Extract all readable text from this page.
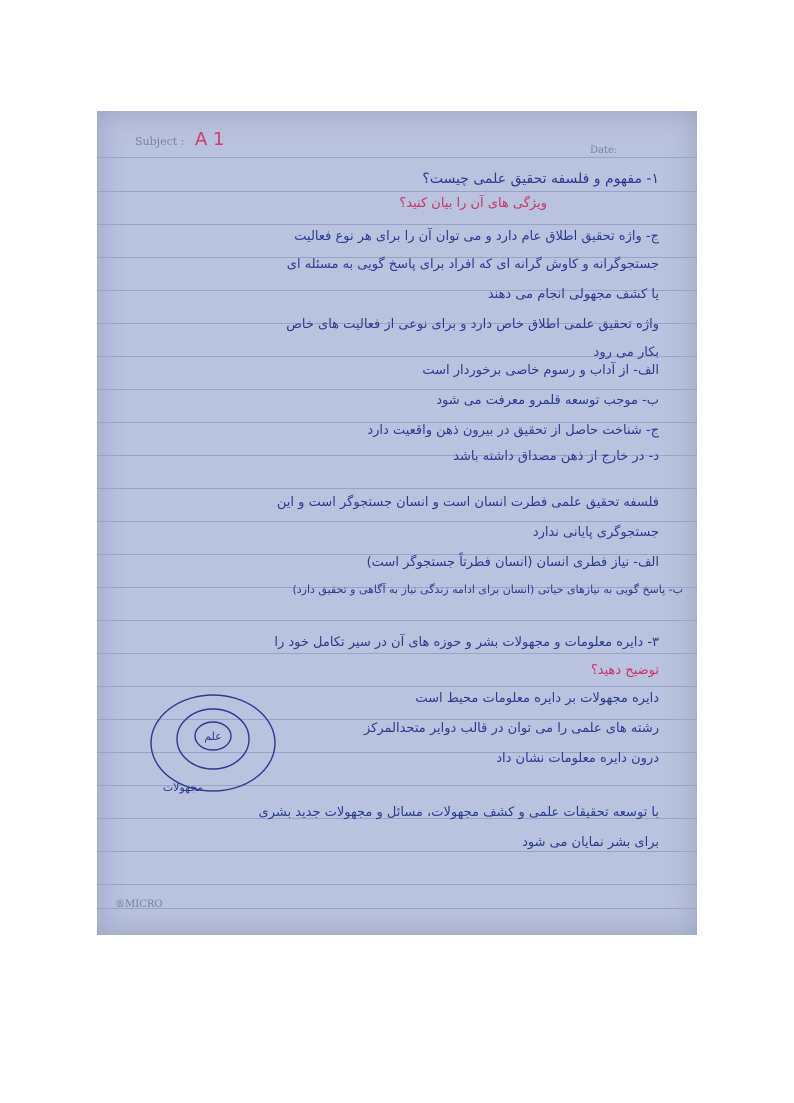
Subject : A 1
Date:
۱- مفهوم و فلسفه تحقیق علمی چیست؟
ویژگی های آن را بیان کنید؟
ج- واژه تحقیق اطلاق عام دارد و می توان آن را برای هر نوع فعالیت
جستجوگرانه و کاوش گرانه ای که افراد برای پاسخ گویی به مسئله ای
یا کشف مجهولی انجام می دهند
واژه تحقیق علمی اطلاق خاص دارد و برای نوعی از فعالیت های خاص
بکار می رود
الف- از آداب و رسوم خاصی برخوردار است
ب- موجب توسعه قلمرو معرفت می شود
ج- شناخت حاصل از تحقیق در بیرون ذهن واقعیت دارد
د- در خارج از ذهن مصداق داشته باشد
فلسفه تحقیق علمی فطرت انسان است و انسان جستجوگر است و این
جستجوگری پایانی ندارد
الف- نیاز فطری انسان (انسان فطرتاً جستجوگر است)
ب- پاسخ گویی به نیازهای حیاتی (انسان برای ادامه زندگی نیاز به آگاهی و تحقیق دارد)
۳- دایره معلومات و مجهولات بشر و حوزه های آن در سیر تکامل خود را
توضیح دهید؟
دایره مجهولات بر دایره معلومات محیط است
رشته های علمی را می توان در قالب دوایر متحدالمرکز
درون دایره معلومات نشان داد
با توسعه تحقیقات علمی و کشف مجهولات، مسائل و مجهولات جدید بشری
برای بشر نمایان می شود
علم
مجهولات
®MICRO
